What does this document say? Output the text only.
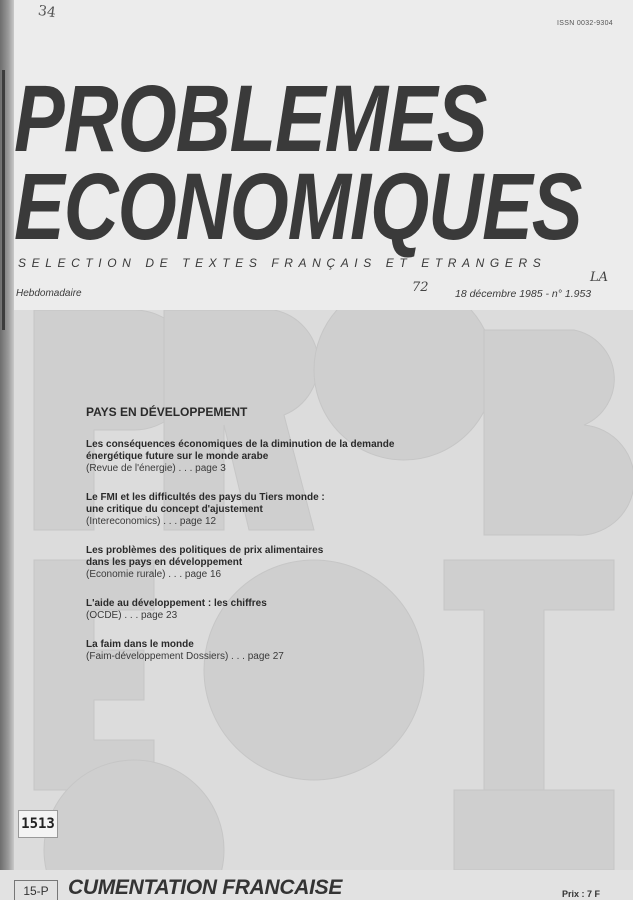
34
ISSN 0032-9304
PROBLEMES
ECONOMIQUES
SELECTION DE TEXTES FRANÇAIS ET ETRANGERS
Hebdomadaire
LA
72	18 décembre 1985 - n° 1.953
PAYS EN DÉVELOPPEMENT
Les conséquences économiques de la diminution de la demande
énergétique future sur le monde arabe
(Revue de l'énergie) . . . page 3
Le FMI et les difficultés des pays du Tiers monde :
une critique du concept d'ajustement
(Intereconomics) . . . page 12
Les problèmes des politiques de prix alimentaires
dans les pays en développement
(Economie rurale) . . . page 16
L'aide au développement : les chiffres
(OCDE) . . . page 23
La faim dans le monde
(Faim-développement Dossiers) . . . page 27
1513
15-P CUMENTATION FRANCAISE	Prix : 7 F
